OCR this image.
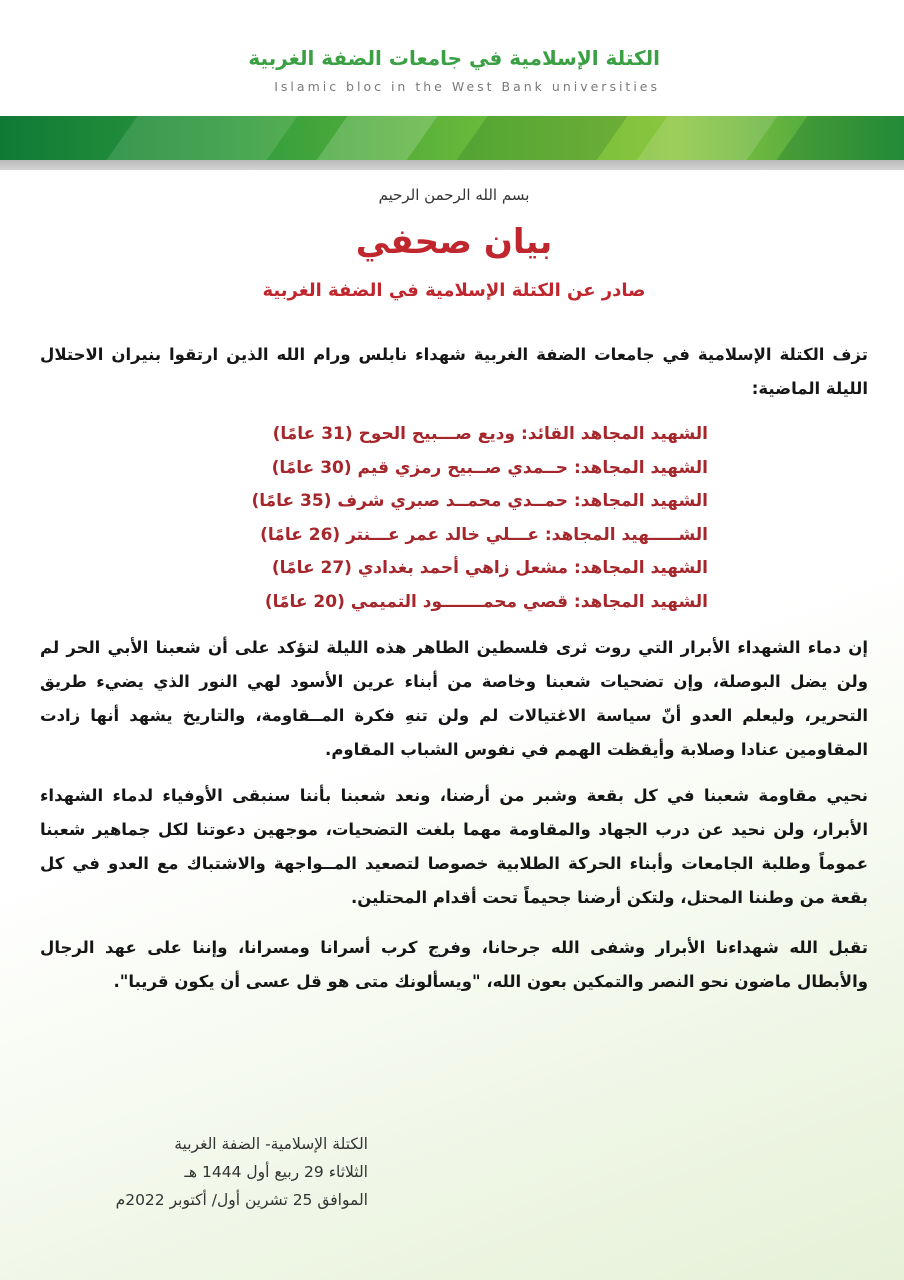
الكتلة الإسلامية في جامعات الضفة الغربية
Islamic bloc in the West Bank universities
بسم الله الرحمن الرحيم
بيان صحفي
صادر عن الكتلة الإسلامية في الضفة الغربية
تزف الكتلة الإسلامية في جامعات الضفة الغربية شهداء نابلس ورام الله الذين ارتقوا بنيران الاحتلال الليلة الماضية:
الشهيد المجاهد القائد: وديع صـــبيح الحوح (31 عامًا)
الشهيد المجاهد: حــمدي صــبيح رمزي قيم (30 عامًا)
الشهيد المجاهد: حمــدي محمــد صبري شرف (35 عامًا)
الشـــــهيد المجاهد: عـــلي خالد عمر عـــنتر (26 عامًا)
الشهيد المجاهد: مشعل زاهي أحمد بغدادي (27 عامًا)
الشهيد المجاهد: قصي محمـــــــود التميمي (20 عامًا)
إن دماء الشهداء الأبرار التي روت ثرى فلسطين الطاهر هذه الليلة لتؤكد على أن شعبنا الأبي الحر لم ولن يضل البوصلة، وإن تضحيات شعبنا وخاصة من أبناء عرين الأسود لهي النور الذي يضيء طريق التحرير، وليعلم العدو أنّ سياسة الاغتيالات لم ولن تنهِ فكرة المــقاومة، والتاريخ يشهد أنها زادت المقاومين عنادا وصلابة وأيقظت الهمم في نفوس الشباب المقاوم.
نحيي مقاومة شعبنا في كل بقعة وشبر من أرضنا، ونعد شعبنا بأننا سنبقى الأوفياء لدماء الشهداء الأبرار، ولن نحيد عن درب الجهاد والمقاومة مهما بلغت التضحيات، موجهين دعوتنا لكل جماهير شعبنا عموماً وطلبة الجامعات وأبناء الحركة الطلابية خصوصا لتصعيد المــواجهة والاشتباك مع العدو في كل بقعة من وطننا المحتل، ولتكن أرضنا جحيماً تحت أقدام المحتلين.
تقبل الله شهداءنا الأبرار وشفى الله جرحانا، وفرج كرب أسرانا ومسرانا، وإننا على عهد الرجال والأبطال ماضون نحو النصر والتمكين بعون الله، "ويسألونك متى هو قل عسى أن يكون قريبا".
الكتلة الإسلامية- الضفة الغربية
الثلاثاء 29 ربيع أول 1444 هـ
الموافق 25 تشرين أول/ أكتوبر 2022م
